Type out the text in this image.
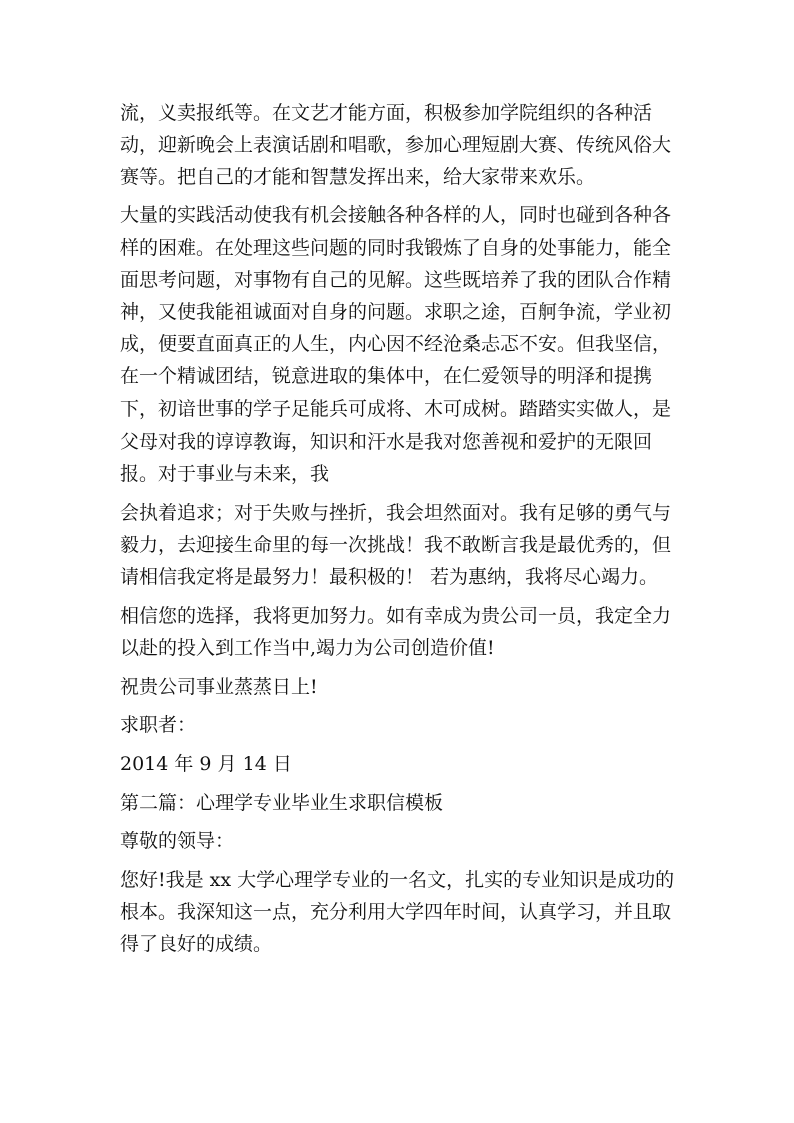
流，义卖报纸等。在文艺才能方面，积极参加学院组织的各种活

动，迎新晚会上表演话剧和唱歌，参加心理短剧大赛、传统风俗大

赛等。把自己的才能和智慧发挥出来，给大家带来欢乐。

大量的实践活动使我有机会接触各种各样的人，同时也碰到各种各

样的困难。在处理这些问题的同时我锻炼了自身的处事能力，能全

面思考问题，对事物有自己的见解。这些既培养了我的团队合作精

神，又使我能祖诚面对自身的问题。求职之途，百舸争流，学业初

成，便要直面真正的人生，内心因不经沧桑忐忑不安。但我坚信，

在一个精诚团结，锐意进取的集体中，在仁爱领导的明泽和提携

下，初谙世事的学子足能兵可成将、木可成树。踏踏实实做人，是

父母对我的谆谆教诲，知识和汗水是我对您善视和爱护的无限回

报。对于事业与未来，我

会执着追求；对于失败与挫折，我会坦然面对。我有足够的勇气与

毅力，去迎接生命里的每一次挑战！我不敢断言我是最优秀的，但

请相信我定将是最努力！最积极的！ 若为惠纳，我将尽心竭力。

相信您的选择，我将更加努力。如有幸成为贵公司一员，我定全力

以赴的投入到工作当中,竭力为公司创造价值!

祝贵公司事业蒸蒸日上!

求职者：

2014 年 9 月 14 日

第二篇：心理学专业毕业生求职信模板

尊敬的领导：

您好!我是 xx 大学心理学专业的一名文，扎实的专业知识是成功的

根本。我深知这一点，充分利用大学四年时间，认真学习，并且取

得了良好的成绩。
